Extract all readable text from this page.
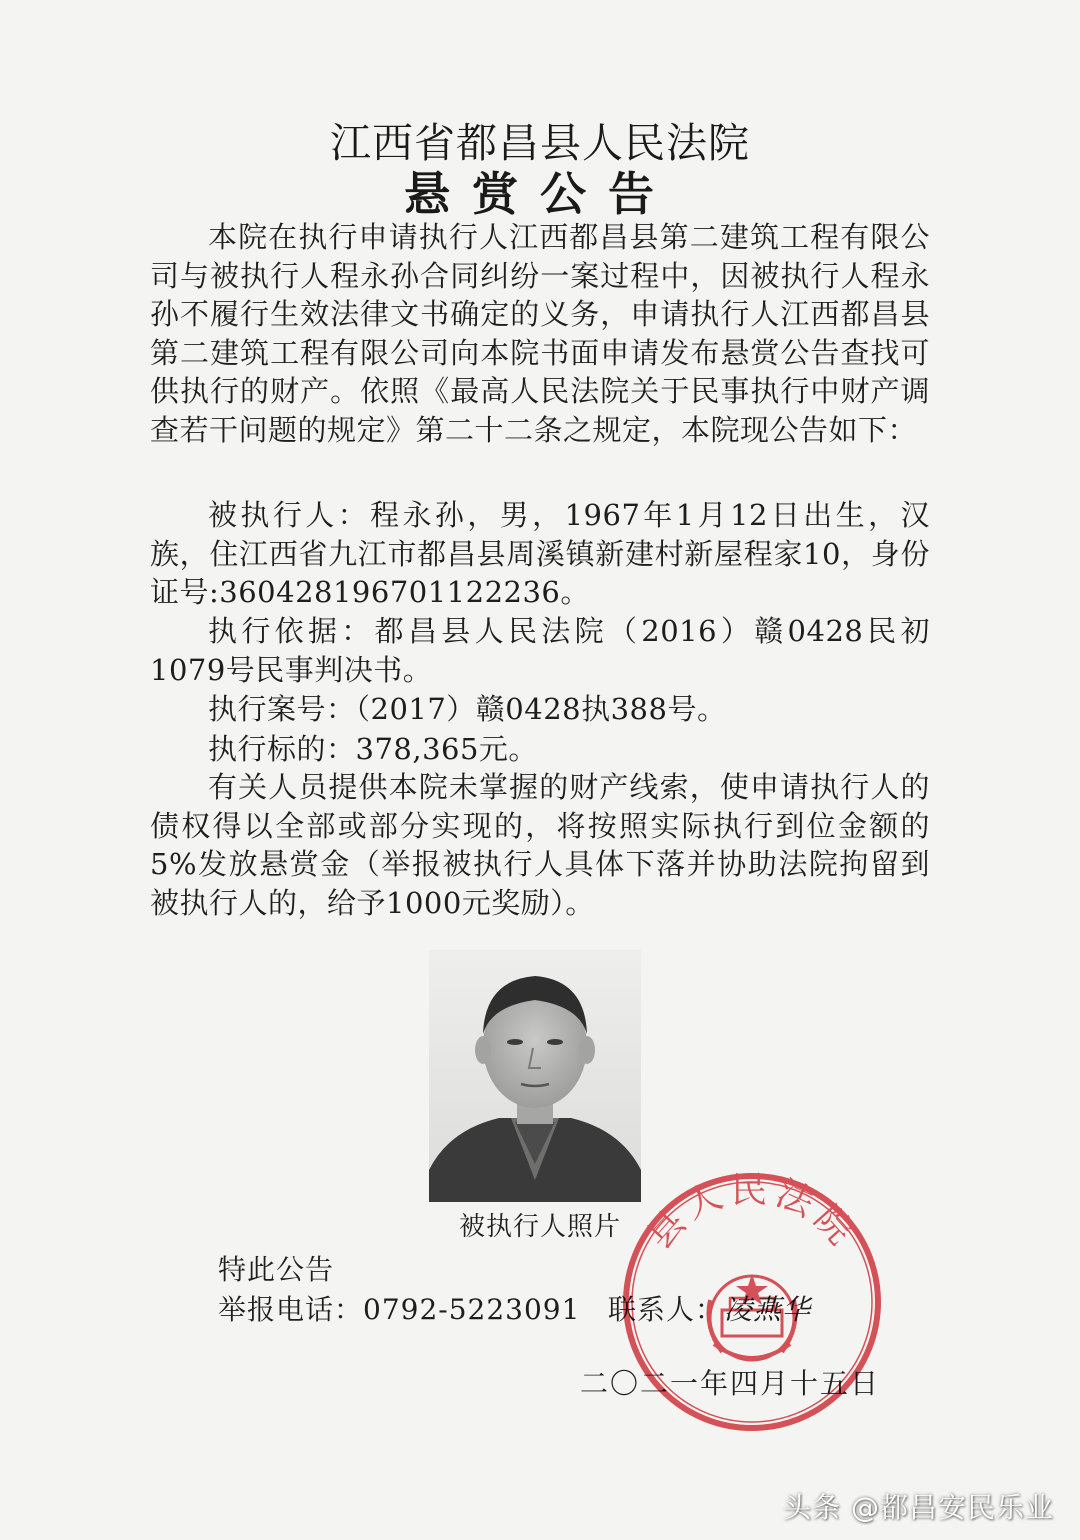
江西省都昌县人民法院
悬赏公告

本院在执行申请执行人江西都昌县第二建筑工程有限公司与被执行人程永孙合同纠纷一案过程中，因被执行人程永孙不履行生效法律文书确定的义务，申请执行人江西都昌县第二建筑工程有限公司向本院书面申请发布悬赏公告查找可供执行的财产。依照《最高人民法院关于民事执行中财产调查若干问题的规定》第二十二条之规定，本院现公告如下：

被执行人：程永孙，男，1967年1月12日出生，汉族，住江西省九江市都昌县周溪镇新建村新屋程家10，身份证号:360428196701122236。

执行依据：都昌县人民法院（2016）赣0428民初1079号民事判决书。

执行案号：（2017）赣0428执388号。

执行标的：378,365元。

有关人员提供本院未掌握的财产线索，使申请执行人的债权得以全部或部分实现的，将按照实际执行到位金额的5%发放悬赏金（举报被执行人具体下落并协助法院拘留到被执行人的，给予1000元奖励）。

被执行人照片
特此公告
举报电话：0792-5223091 联系人：凌燕华
二〇二一年四月十五日
县人民法院
头条 @都昌安民乐业
